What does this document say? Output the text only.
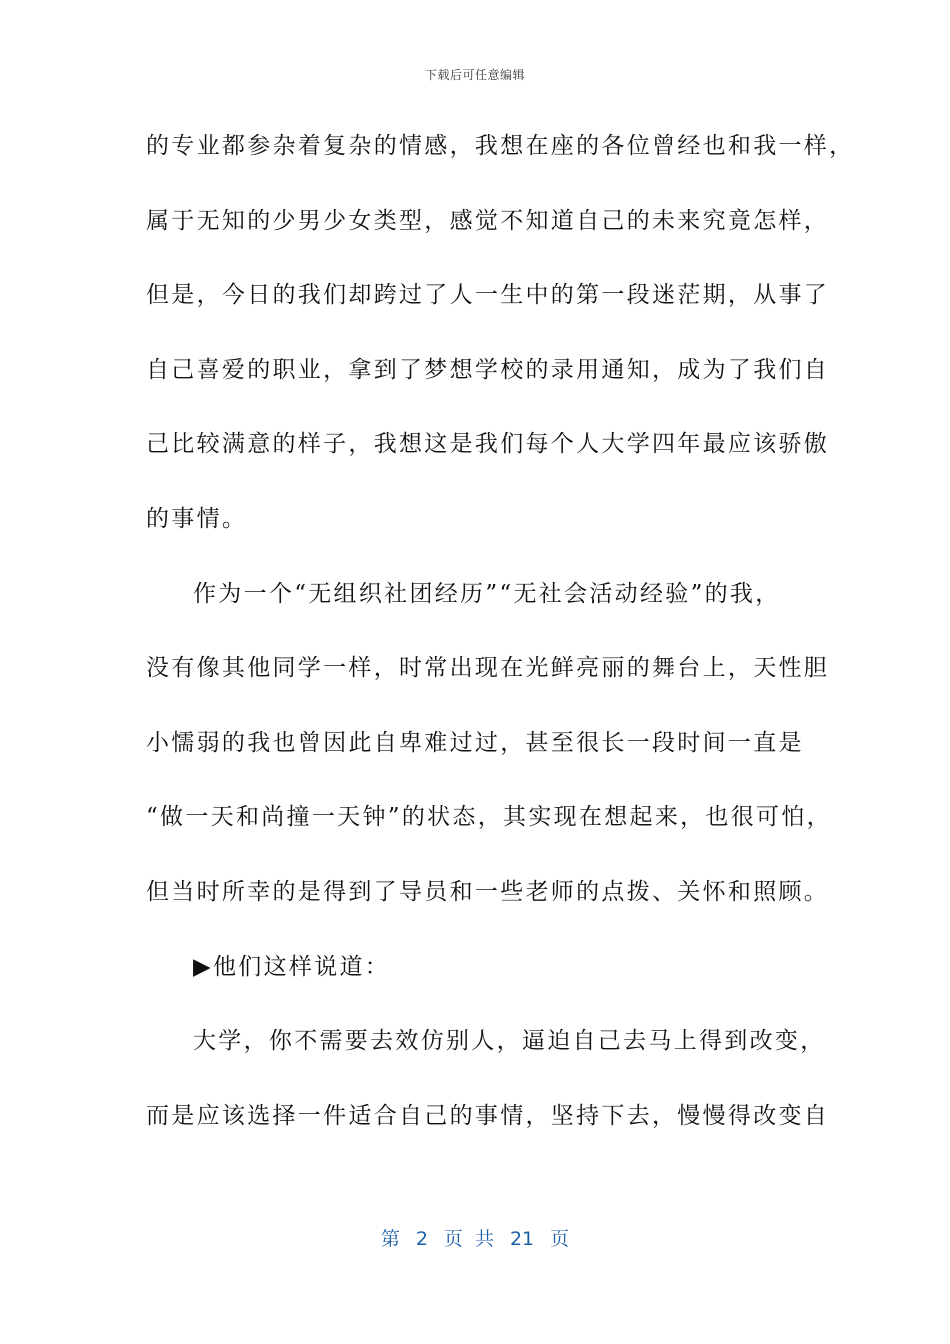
下载后可任意编辑
的专业都参杂着复杂的情感，我想在座的各位曾经也和我一样，
属于无知的少男少女类型，感觉不知道自己的未来究竟怎样，
但是，今日的我们却跨过了人一生中的第一段迷茫期，从事了
自己喜爱的职业，拿到了梦想学校的录用通知，成为了我们自
己比较满意的样子，我想这是我们每个人大学四年最应该骄傲
的事情。
作为一个“无组织社团经历”“无社会活动经验”的我，
没有像其他同学一样，时常出现在光鲜亮丽的舞台上，天性胆
小懦弱的我也曾因此自卑难过过，甚至很长一段时间一直是
“做一天和尚撞一天钟”的状态，其实现在想起来，也很可怕，
但当时所幸的是得到了导员和一些老师的点拨、关怀和照顾。
▶他们这样说道：
大学，你不需要去效仿别人，逼迫自己去马上得到改变，
而是应该选择一件适合自己的事情，坚持下去，慢慢得改变自
第 2 页 共 21 页
